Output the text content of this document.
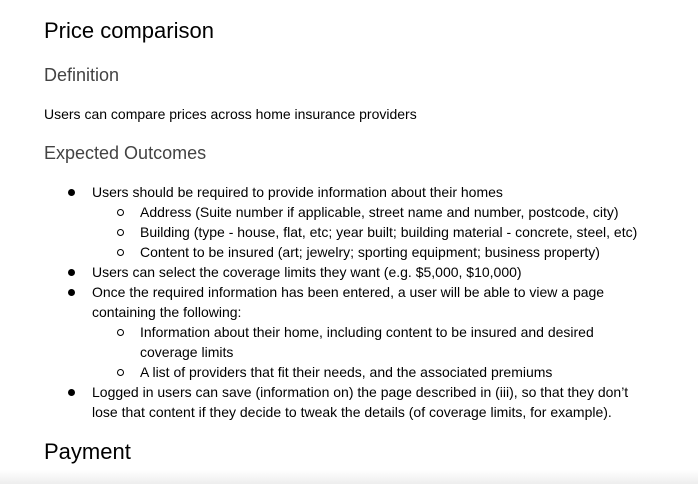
Price comparison
Definition

Users can compare prices across home insurance providers

Expected Outcomes
Users should be required to provide information about their homes
Address (Suite number if applicable, street name and number, postcode, city)
Building (type - house, flat, etc; year built; building material - concrete, steel, etc)
Content to be insured (art; jewelry; sporting equipment; business property)
Users can select the coverage limits they want (e.g. $5,000, $10,000)
Once the required information has been entered, a user will be able to view a page
containing the following:
Information about their home, including content to be insured and desired
coverage limits
A list of providers that fit their needs, and the associated premiums
Logged in users can save (information on) the page described in (iii), so that they don’t
lose that content if they decide to tweak the details (of coverage limits, for example).
Payment
